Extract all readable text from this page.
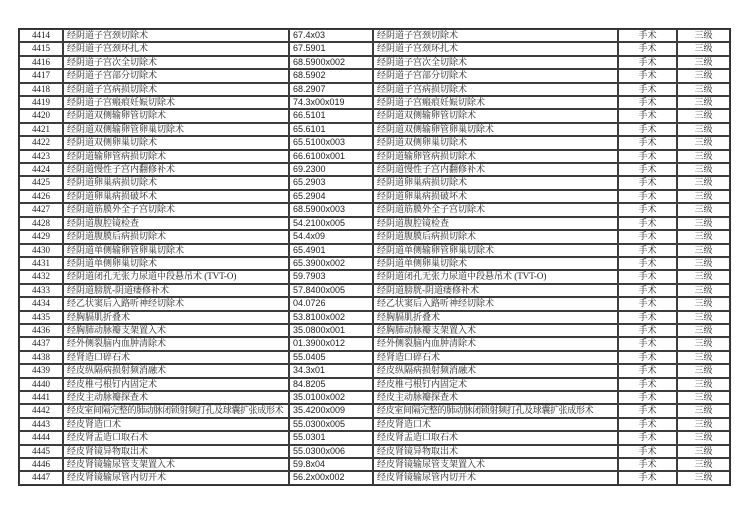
4414	经阴道子宫颈切除术	67.4x03	经阴道子宫颈切除术	手术	三级
4415	经阴道子宫颈环扎术	67.5901	经阴道子宫颈环扎术	手术	三级
4416	经阴道子宫次全切除术	68.5900x002	经阴道子宫次全切除术	手术	三级
4417	经阴道子宫部分切除术	68.5902	经阴道子宫部分切除术	手术	三级
4418	经阴道子宫病损切除术	68.2907	经阴道子宫病损切除术	手术	三级
4419	经阴道子宫瘢痕妊娠切除术	74.3x00x019	经阴道子宫瘢痕妊娠切除术	手术	三级
4420	经阴道双侧输卵管切除术	66.5101	经阴道双侧输卵管切除术	手术	三级
4421	经阴道双侧输卵管卵巢切除术	65.6101	经阴道双侧输卵管卵巢切除术	手术	三级
4422	经阴道双侧卵巢切除术	65.5100x003	经阴道双侧卵巢切除术	手术	三级
4423	经阴道输卵管病损切除术	66.6100x001	经阴道输卵管病损切除术	手术	三级
4424	经阴道慢性子宫内翻修补术	69.2300	经阴道慢性子宫内翻修补术	手术	三级
4425	经阴道卵巢病损切除术	65.2903	经阴道卵巢病损切除术	手术	三级
4426	经阴道卵巢病损破坏术	65.2904	经阴道卵巢病损破坏术	手术	三级
4427	经阴道筋膜外全子宫切除术	68.5900x003	经阴道筋膜外全子宫切除术	手术	三级
4428	经阴道腹腔镜检查	54.2100x005	经阴道腹腔镜检查	手术	三级
4429	经阴道腹膜后病损切除术	54.4x09	经阴道腹膜后病损切除术	手术	三级
4430	经阴道单侧输卵管卵巢切除术	65.4901	经阴道单侧输卵管卵巢切除术	手术	三级
4431	经阴道单侧卵巢切除术	65.3900x002	经阴道单侧卵巢切除术	手术	三级
4432	经阴道闭孔无张力尿道中段悬吊术 (TVT-O)	59.7903	经阴道闭孔无张力尿道中段悬吊术 (TVT-O)	手术	三级
4433	经阴道膀胱-阴道瘘修补术	57.8400x005	经阴道膀胱-阴道瘘修补术	手术	三级
4434	经乙状窦后入路听神经切除术	04.0726	经乙状窦后入路听神经切除术	手术	三级
4435	经胸膈肌折叠术	53.8100x002	经胸膈肌折叠术	手术	三级
4436	经胸肺动脉瓣支架置入术	35.0800x001	经胸肺动脉瓣支架置入术	手术	三级
4437	经外侧裂脑内血肿清除术	01.3900x012	经外侧裂脑内血肿清除术	手术	三级
4438	经肾造口碎石术	55.0405	经肾造口碎石术	手术	三级
4439	经皮纵隔病损射频消融术	34.3x01	经皮纵隔病损射频消融术	手术	三级
4440	经皮椎弓根钉内固定术	84.8205	经皮椎弓根钉内固定术	手术	三级
4441	经皮主动脉瓣探查术	35.0100x002	经皮主动脉瓣探查术	手术	三级
4442	经皮室间隔完整的肺动脉闭锁射频打孔及球囊扩张成形术	35.4200x009	经皮室间隔完整的肺动脉闭锁射频打孔及球囊扩张成形术	手术	三级
4443	经皮肾造口术	55.0300x005	经皮肾造口术	手术	三级
4444	经皮肾盂造口取石术	55.0301	经皮肾盂造口取石术	手术	三级
4445	经皮肾镜异物取出术	55.0300x006	经皮肾镜异物取出术	手术	三级
4446	经皮肾镜输尿管支架置入术	59.8x04	经皮肾镜输尿管支架置入术	手术	三级
4447	经皮肾镜输尿管内切开术	56.2x00x002	经皮肾镜输尿管内切开术	手术	三级
